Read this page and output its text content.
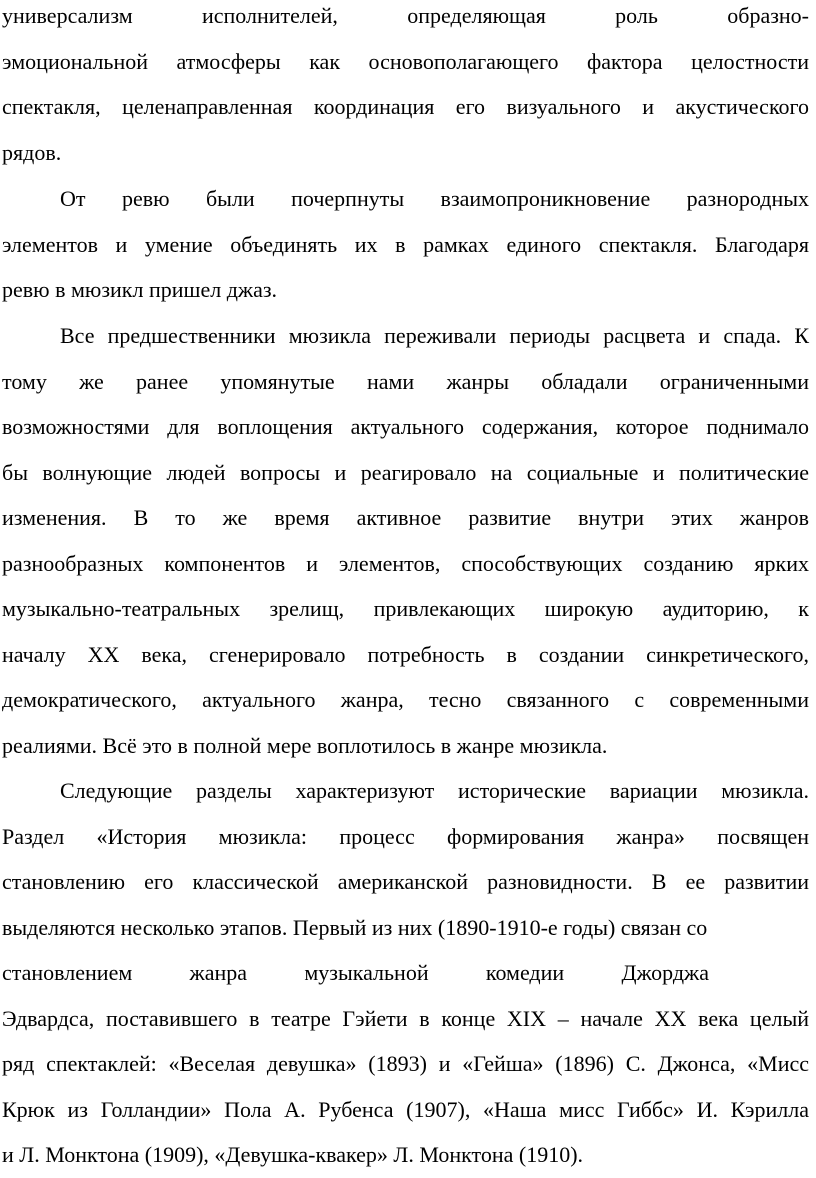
универсализм исполнителей, определяющая роль образно-
эмоциональной атмосферы как основополагающего фактора целостности
спектакля, целенаправленная координация его визуального и акустического
рядов.
От ревю были почерпнуты взаимопроникновение разнородных
элементов и умение объединять их в рамках единого спектакля. Благодаря
ревю в мюзикл пришел джаз.
Все предшественники мюзикла переживали периоды расцвета и спада. К
тому же ранее упомянутые нами жанры обладали ограниченными
возможностями для воплощения актуального содержания, которое поднимало
бы волнующие людей вопросы и реагировало на социальные и политические
изменения. В то же время активное развитие внутри этих жанров
разнообразных компонентов и элементов, способствующих созданию ярких
музыкально-театральных зрелищ, привлекающих широкую аудиторию, к
началу XX века, сгенерировало потребность в создании синкретического,
демократического, актуального жанра, тесно связанного с современными
реалиями. Всё это в полной мере воплотилось в жанре мюзикла.
Следующие разделы характеризуют исторические вариации мюзикла.
Раздел «История мюзикла: процесс формирования жанра» посвящен
становлению его классической американской разновидности. В ее развитии
выделяются несколько этапов. Первый из них (1890-1910-е годы) связан со
становлением жанра музыкальной комедии Джорджа
Эдвардса, поставившего в театре Гэйети в конце XIX – начале XX века целый
ряд спектаклей: «Веселая девушка» (1893) и «Гейша» (1896) С. Джонса, «Мисс
Крюк из Голландии» Пола А. Рубенса (1907), «Наша мисс Гиббс» И. Кэрилла
и Л. Монктона (1909), «Девушка-квакер» Л. Монктона (1910).
